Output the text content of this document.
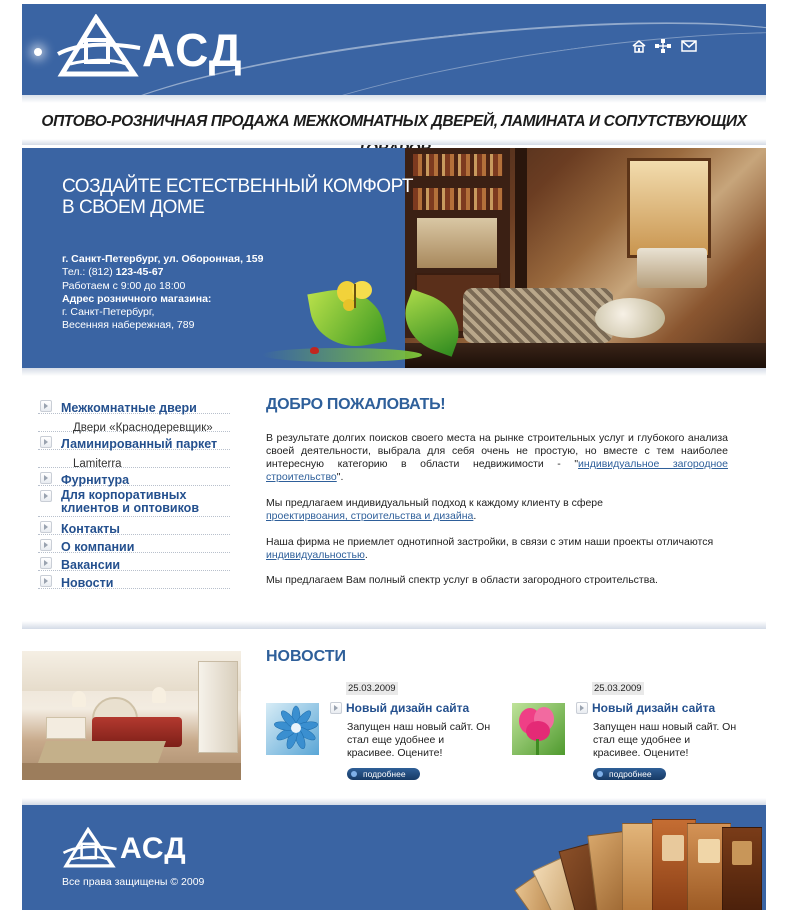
АСД
ОПТОВО-РОЗНИЧНАЯ ПРОДАЖА МЕЖКОМНАТНЫХ ДВЕРЕЙ, ЛАМИНАТА И СОПУТСТВУЮЩИХ
СОЗДАЙТЕ ЕСТЕСТВЕННЫЙ КОМФОРТ
В СВОЕМ ДОМЕ
г. Санкт-Петербург, ул. Оборонная, 159
Тел.: (812) 123-45-67
Работаем с 9:00 до 18:00
Адрес розничного магазина:
г. Санкт-Петербург,
Весенняя набережная, 789
Межкомнатные двери
Двери «Краснодеревщик»
Ламинированный паркет
Lamiterra
Фурнитура
Для корпоративных клиентов и оптовиков
Контакты
О компании
Вакансии
Новости
ДОБРО ПОЖАЛОВАТЬ!
В результате долгих поисков своего места на рынке строительных услуг и глубокого анализа своей деятельности, выбрала для себя очень не простую, но вместе с тем наиболее интересную категорию в области недвижимости - "индивидуальное загородное строительство".
Мы предлагаем индивидуальный подход к каждому клиенту в сфере
проектирвоания, строительства и дизайна.
Наша фирма не приемлет однотипной застройки, в связи с этим наши проекты отличаются
индивидуальностью.
Мы предлагаем Вам полный спектр услуг в области загородного строительства.
НОВОСТИ
25.03.2009
Новый дизайн сайта
Запущен наш новый сайт. Он стал еще удобнее и красивее. Оцените!
подробнее
25.03.2009
Новый дизайн сайта
Запущен наш новый сайт. Он стал еще удобнее и красивее. Оцените!
подробнее
АСД
Все права защищены © 2009
